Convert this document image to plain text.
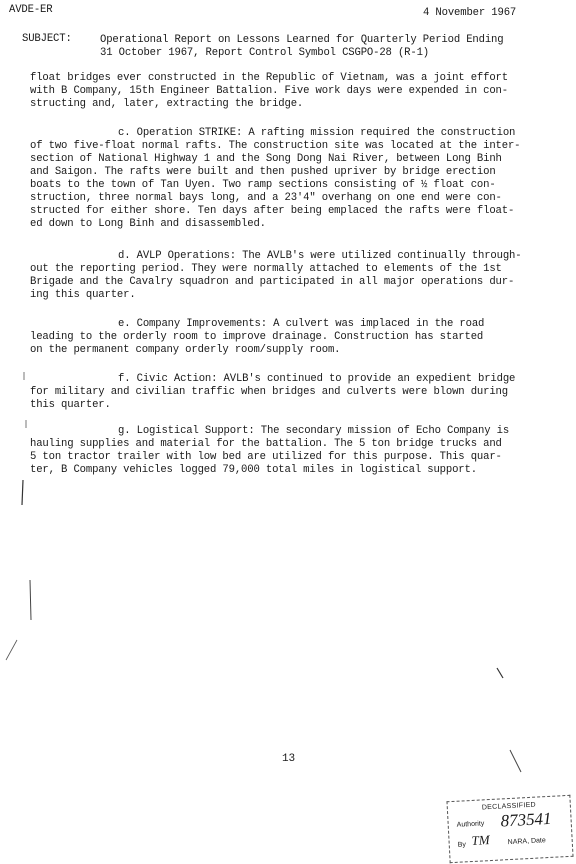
AVDE-ER	4 November 1967
SUBJECT:	Operational Report on Lessons Learned for Quarterly Period Ending
31 October 1967, Report Control Symbol CSGPO-28 (R-1)
float bridges ever constructed in the Republic of Vietnam, was a joint effort
with B Company, 15th Engineer Battalion. Five work days were expended in con-
structing and, later, extracting the bridge.
c. Operation STRIKE: A rafting mission required the construction
of two five-float normal rafts. The construction site was located at the inter-
section of National Highway 1 and the Song Dong Nai River, between Long Binh
and Saigon. The rafts were built and then pushed upriver by bridge erection
boats to the town of Tan Uyen. Two ramp sections consisting of ½ float con-
struction, three normal bays long, and a 23'4" overhang on one end were con-
structed for either shore. Ten days after being emplaced the rafts were float-
ed down to Long Binh and disassembled.
d. AVLP Operations: The AVLB's were utilized continually through-
out the reporting period. They were normally attached to elements of the 1st
Brigade and the Cavalry squadron and participated in all major operations dur-
ing this quarter.
e. Company Improvements: A culvert was implaced in the road
leading to the orderly room to improve drainage. Construction has started
on the permanent company orderly room/supply room.
f. Civic Action: AVLB's continued to provide an expedient bridge
for military and civilian traffic when bridges and culverts were blown during
this quarter.
g. Logistical Support: The secondary mission of Echo Company is
hauling supplies and material for the battalion. The 5 ton bridge trucks and
5 ton tractor trailer with low bed are utilized for this purpose. This quar-
ter, B Company vehicles logged 79,000 total miles in logistical support.
13
DECLASSIFIED
Authority 873541
By TM	NARA, Date
